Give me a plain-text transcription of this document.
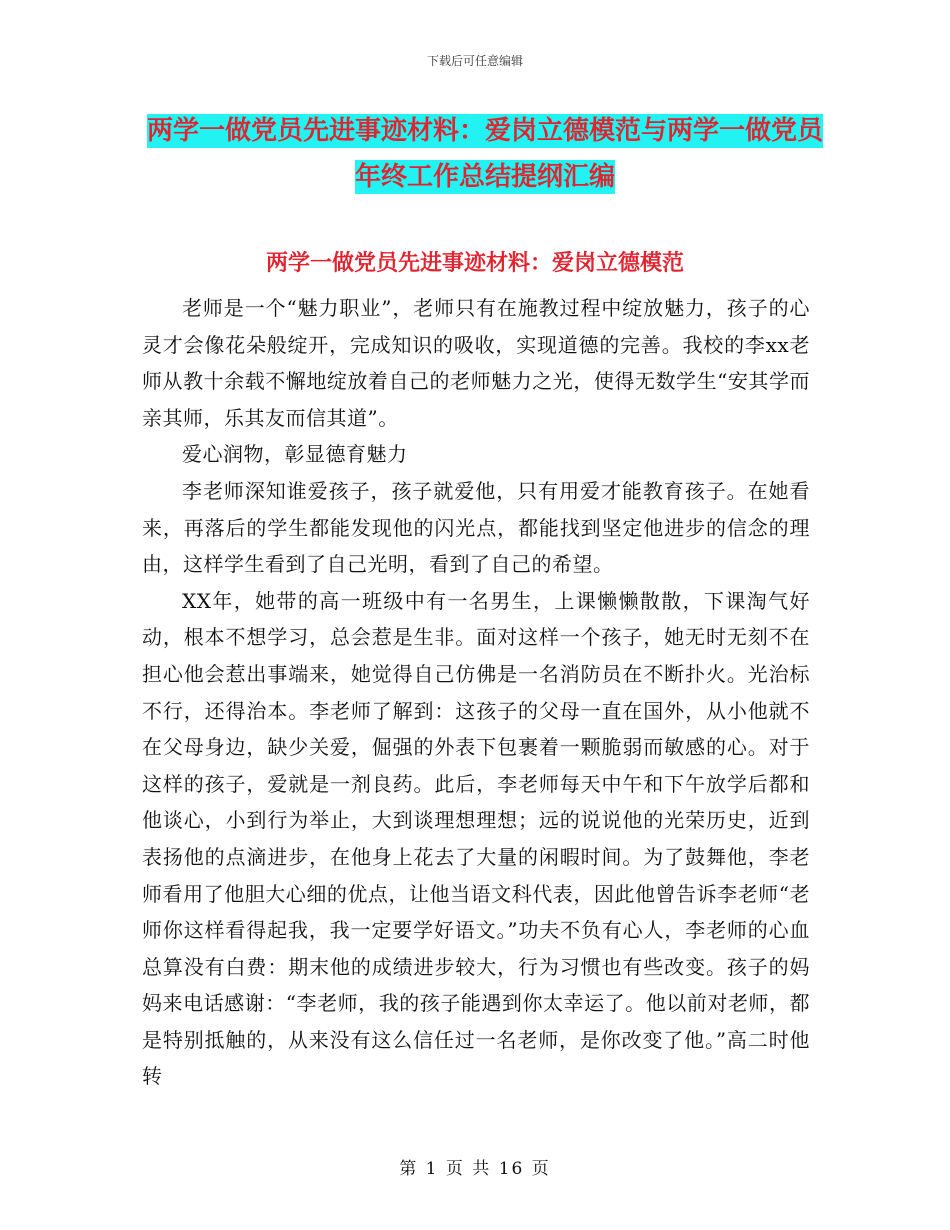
下载后可任意编辑
两学一做党员先进事迹材料：爱岗立德模范与两学一做党员年终工作总结提纲汇编
两学一做党员先进事迹材料：爱岗立德模范

老师是一个“魅力职业”，老师只有在施教过程中绽放魅力，孩子的心灵才会像花朵般绽开，完成知识的吸收，实现道德的完善。我校的李xx老师从教十余载不懈地绽放着自己的老师魅力之光，使得无数学生“安其学而亲其师，乐其友而信其道”。

爱心润物，彰显德育魅力

李老师深知谁爱孩子，孩子就爱他，只有用爱才能教育孩子。在她看来，再落后的学生都能发现他的闪光点，都能找到坚定他进步的信念的理由，这样学生看到了自己光明，看到了自己的希望。

XX年，她带的高一班级中有一名男生，上课懒懒散散，下课淘气好动，根本不想学习，总会惹是生非。面对这样一个孩子，她无时无刻不在担心他会惹出事端来，她觉得自己仿佛是一名消防员在不断扑火。光治标不行，还得治本。李老师了解到：这孩子的父母一直在国外，从小他就不在父母身边，缺少关爱，倔强的外表下包裹着一颗脆弱而敏感的心。对于这样的孩子，爱就是一剂良药。此后，李老师每天中午和下午放学后都和他谈心，小到行为举止，大到谈理想理想；远的说说他的光荣历史，近到表扬他的点滴进步，在他身上花去了大量的闲暇时间。为了鼓舞他，李老师看用了他胆大心细的优点，让他当语文科代表，因此他曾告诉李老师“老师你这样看得起我，我一定要学好语文。”功夫不负有心人，李老师的心血总算没有白费：期末他的成绩进步较大，行为习惯也有些改变。孩子的妈妈来电话感谢：“李老师，我的孩子能遇到你太幸运了。他以前对老师，都是特别抵触的，从来没有这么信任过一名老师，是你改变了他。”高二时他转

第 1 页 共 16 页
